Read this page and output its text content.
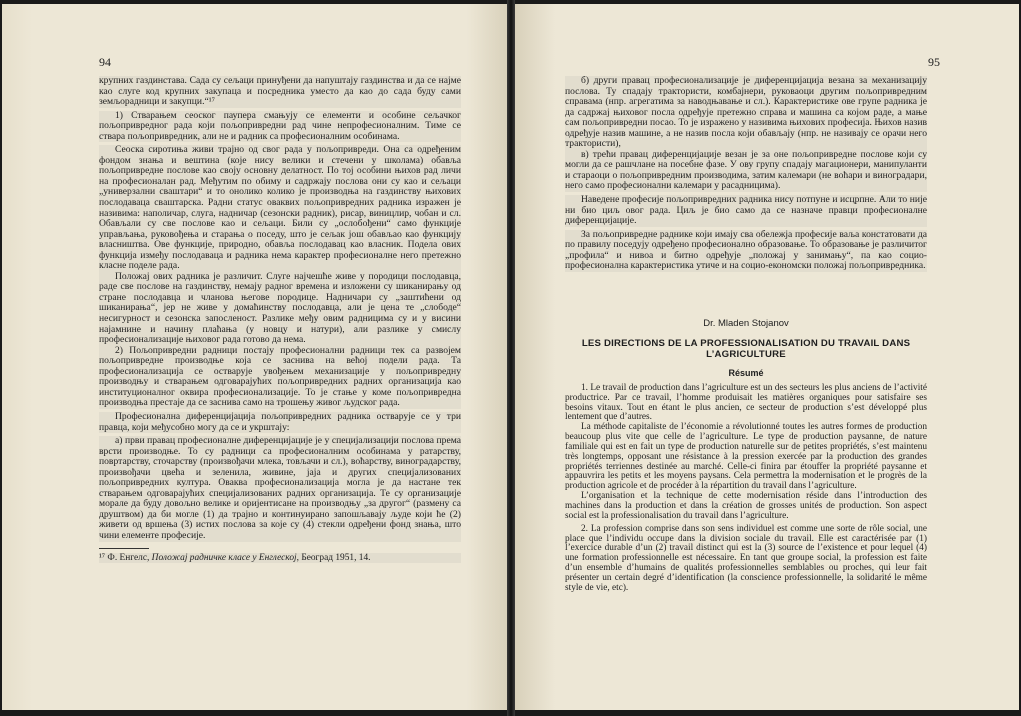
94

крупних газдинстава. Сада су сељаци принуђени да напуштају газдинства и да се најме као слуге код крупних закупаца и посредника уместо да као до сада буду сами земљорадници и закупци.“¹⁷

1) Стварањем сеоског пауперa смањују се елементи и особине сељачког пољопривредног рада који пољопривредни рад чине непрофесионалним. Тиме се ствара пољопривредник, али не и радник са професионалним особинама.

Сеоска сиротиња живи трајно од свог рада у пољопривреди. Она са одређеним фондом знања и вештина (које нису велики и стечени у школама) обавља пољопривредне послове као своју основну делатност. По тој особини њихов рад личи на професионалан рад. Међутим по обиму и садржају послова они су као и сељаци „универзални свaштари“ и то онолико колико је производња на газдинству њихових послодаваца свaштарска. Радни статус оваквих пољопривредних радника изражен је називима: наполичар, слуга, надничар (сезонски радник), рисар, виницлир, чобан и сл. Обављали су све послове као и сељаци. Били су „ослобођени“ само функције управљања, руковођења и старања о поседу, што је сељак још обављао као функцију власништва. Ове функције, природно, обавља послодавац као власник. Подела ових функција између послодаваца и радника нема карактер професионалне него претежно класне поделе рада.

Положај ових радника је различит. Слуге најчешће живе у породици послодавца, раде све послове на газдинству, немају радног времена и изложени су шиканирању од стране послодавца и чланова његове породице. Надничари су „заштићени од шиканирања“, јер не живе у домаћинству послодавца, али је цена те „слободе“ несигурност и сезонска запосленост. Разлике међу овим радницима су и у висини најамнине и начину плаћања (у новцу и натури), али разлике у смислу професионализације њиховог рада готово да нема.

2) Пољопривредни радници постају професионални радници тек са развојем пољопривредне производње која се заснива на већој подели рада. Та професионализација се остварује увођењем механизације у пољопривредну производњу и стварањем одговарајућих пољопривредних радних организација као институционалног оквира професионализације. То је стање у коме пољопривредна производња престаје да се заснива само на трошењу живог људског рада.

Професионална диференцијација пољопривредних радника остварује се у три правца, који међусобно могу да се и укрштају:

а) први правац професионалне диференцијације је у специјализацији послова према врсти производње. То су радници са професионалним особинама у ратарству, повртарству, сточарству (произвођачи млека, товљачи и сл.), воћарству, виноградарству, произвођачи цвећа и зеленила, живине, јаја и других специјализованих пољопривредних култура. Оваква професионализација могла је да настане тек стварањем одговарајућих специјализованих радних организација. Те су организације морале да буду довољно велике и оријентисане на производњу „за другог“ (размену са друштвом) да би могле (1) да трајно и континуирано запошљавају људе који ће (2) живети од вршења (3) истих послова за које су (4) стекли одређени фонд знања, што чини елементе професије.

¹⁷ Ф. Енгелс, Положај радничке класе у Енглеској, Београд 1951, 14.

95

б) други правац професионализације је диференцијација везана за механизацију послова. Ту спадају трактористи, комбајнери, руковаоци другим пољопривредним справама (нпр. агрегатима за наводњавање и сл.). Карактеристике ове групе радника је да садржај њиховог посла одређује претежно справа и машина са којом раде, а мање сам пољопривредни посао. То је изражено у називима њихових професија. Њихов назив одређује назив машине, а не назив посла који обављају (нпр. не називају се орачи него трактористи),

в) трећи правац диференцијације везан је за оне пољопривредне послове који су могли да се рашчлане на посебне фазе. У ову групу спадају магационери, манипуланти и стараоци о пољопривредним производима, затим калемари (не воћари и виноградари, него само професионални калемари у расадницима).

Наведене професије пољопривредних радника нису потпуне и исцрпне. Али то није ни био циљ овог рада. Циљ је био само да се назначе правци професионалне диференцијације.

За пољопривредне раднике који имају сва обележја професије ваља констатовати да по правилу поседују одређено професионално образовање. То образовање је различитог „профила“ и нивоа и битно одређује „положај у занимању“, па као социо-професионална карактеристика утиче и на социо-економски положај пољопривредника.

Dr. Mladen Stojanov
LES DIRECTIONS DE LA PROFESSIONALISATION DU TRAVAIL DANS
L’AGRICULTURE
Résumé

1. Le travail de production dans l’agriculture est un des secteurs les plus anciens de l’activité productrice. Par ce travail, l’homme produisait les matières organiques pour satisfaire ses besoins vitaux. Tout en étant le plus ancien, ce secteur de production s’est développé plus lentement que d’autres.

La méthode capitaliste de l’économie a révolutionné toutes les autres formes de production beaucoup plus vite que celle de l’agriculture. Le type de production paysanne, de nature familiale qui est en fait un type de production naturelle sur de petites propriétés, s’est maintenu très longtemps, opposant une résistance à la pression exercée par la production des grandes propriétés terriennes destinée au marché. Celle-ci finira par étouffer la propriété paysanne et appauvrira les petits et les moyens paysans. Cela permettra la modernisation et le progrès de la production agricole et de procéder à la répartition du travail dans l’agriculture.

L’organisation et la technique de cette modernisation réside dans l’introduction des machines dans la production et dans la création de grosses unités de production. Son aspect social est la professionalisation du travail dans l’agriculture.

2. La profession comprise dans son sens individuel est comme une sorte de rôle social, une place que l’individu occupe dans la division sociale du travail. Elle est caractérisée par (1) l’exercice durable d’un (2) travail distinct qui est la (3) source de l’existence et pour lequel (4) une formation professionnelle est nécessaire. En tant que groupe social, la profession est faite d’un ensemble d’humains de qualités professionnelles semblables ou proches, qui leur fait présenter un certain degré d’identification (la conscience professionnelle, la solidarité le même style de vie, etc).
